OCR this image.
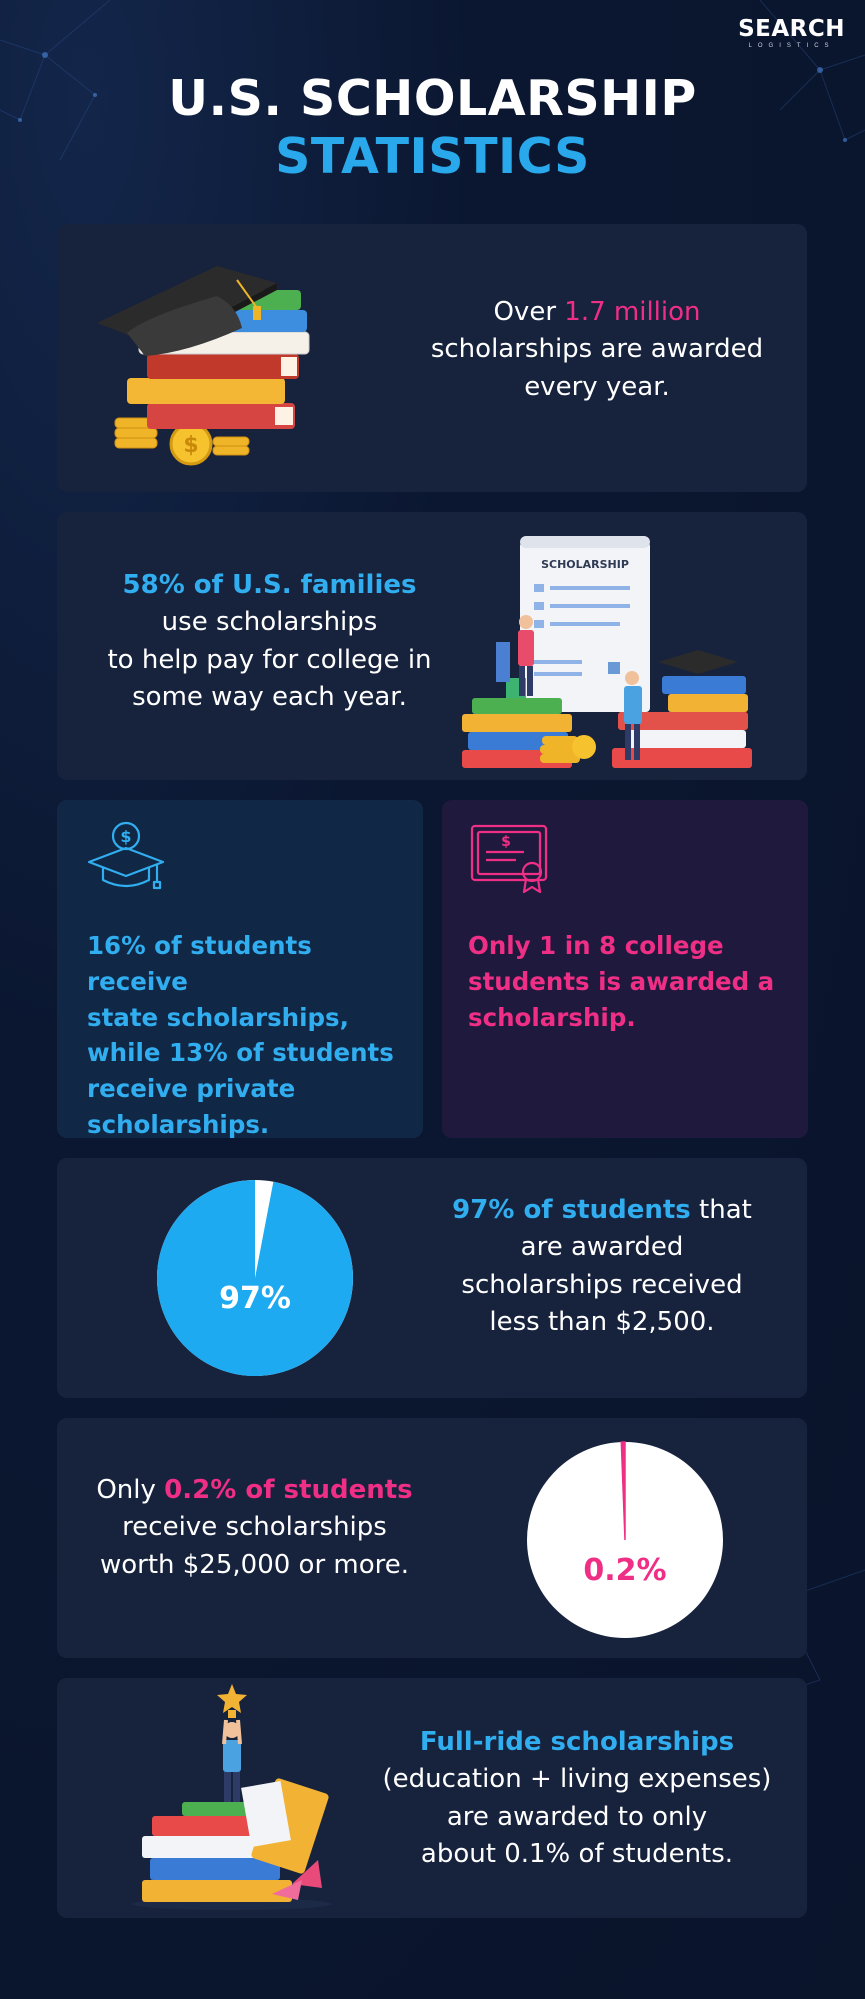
SEARCH
LOGISTICS
U.S. SCHOLARSHIP
STATISTICS
$
Over 1.7 million
scholarships are awarded
every year.
58% of U.S. families
use scholarships
to help pay for college in
some way each year.
SCHOLARSHIP
$
16% of students receive
state scholarships,
while 13% of students
receive private
scholarships.
$
Only 1 in 8 college
students is awarded a
scholarship.
97%
97% of students that
are awarded
scholarships received
less than $2,500.
Only 0.2% of students
receive scholarships
worth $25,000 or more.	0.2%
Full-ride scholarships
(education + living expenses)
are awarded to only
about 0.1% of students.
